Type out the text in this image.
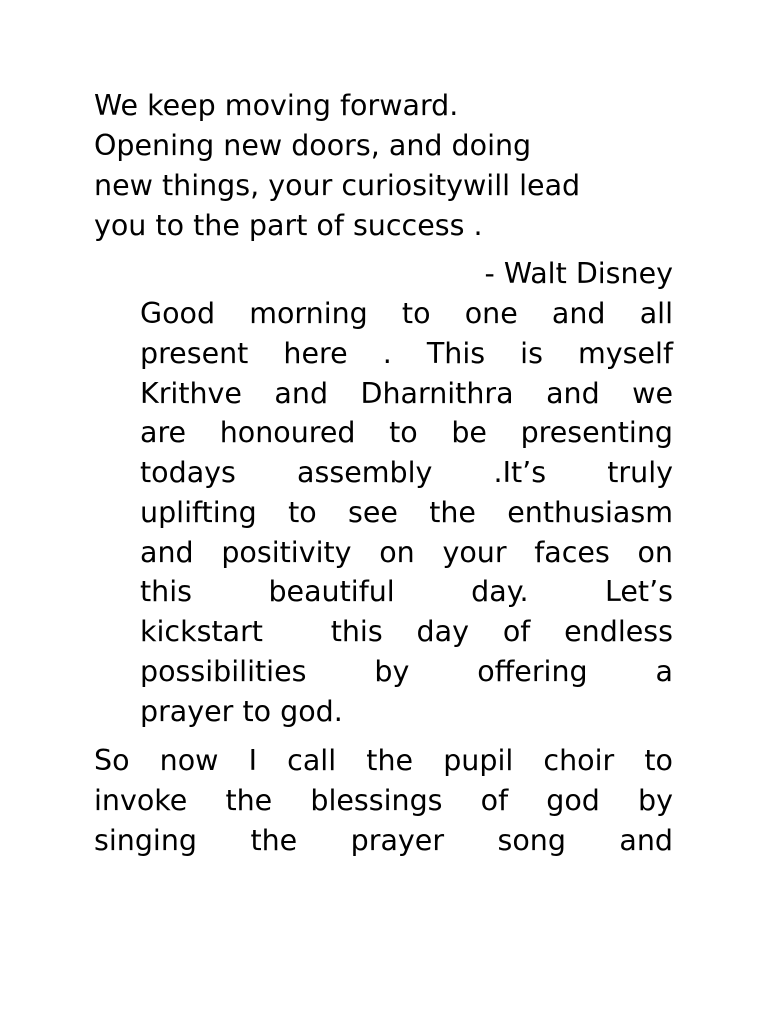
We keep moving forward.

Opening new doors, and doing

new things, your curiositywill lead

you to the part of success .

- Walt Disney

Good morning to one and all

present here . This is myself

Krithve and Dharnithra and we

are honoured to be presenting

todays assembly .It’s truly

uplifting to see the enthusiasm

and positivity on your faces on

this beautiful day. Let’s

kickstart  this day of endless

possibilities by offering a

prayer to god.

So now I call the pupil choir to

invoke the blessings of god by

singing the prayer song and
